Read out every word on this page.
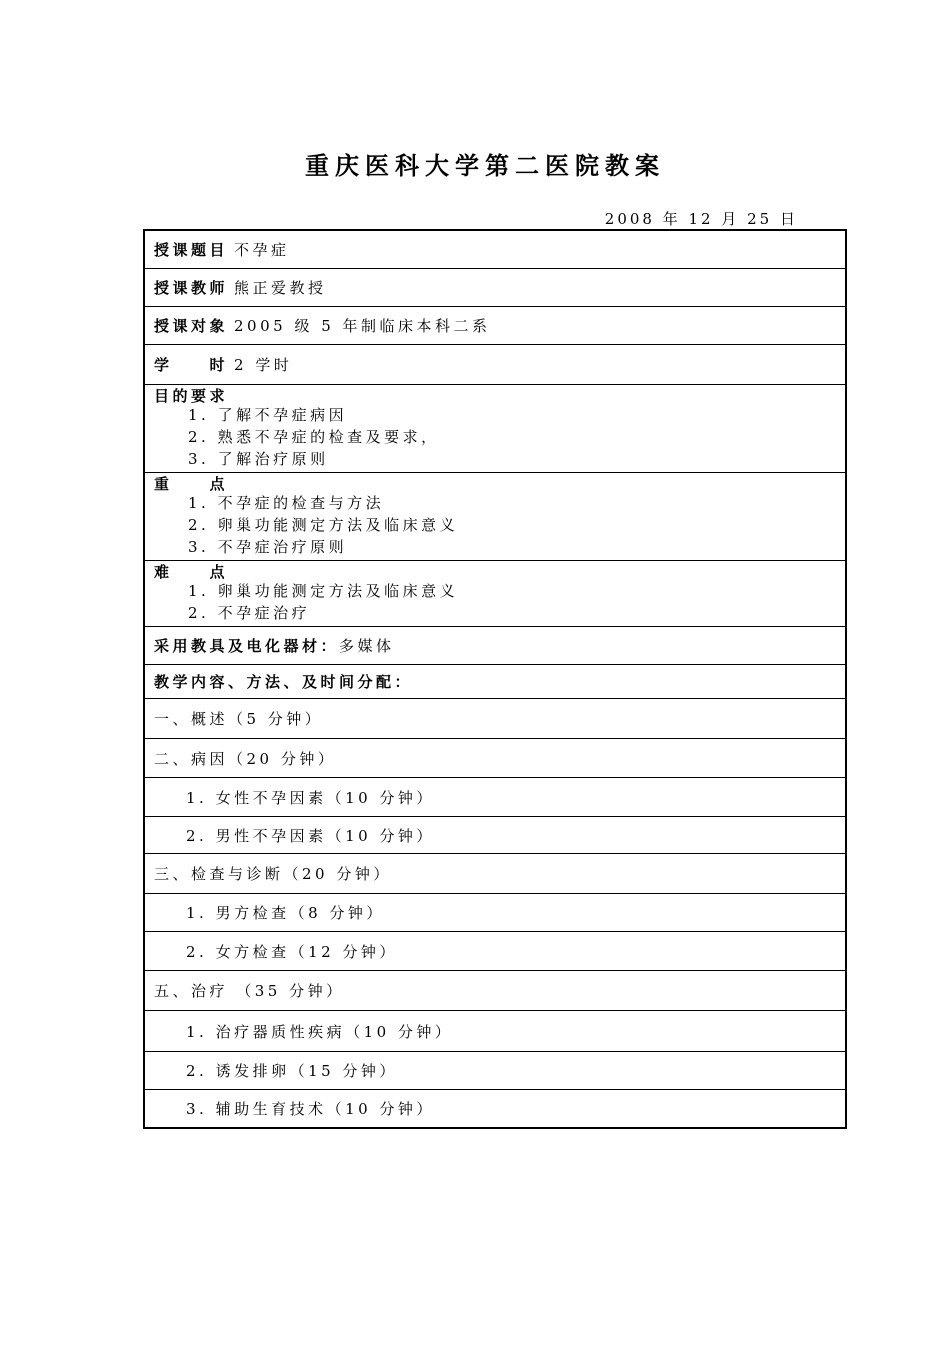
重庆医科大学第二医院教案
2008 年 12 月 25 日
授课题目 不孕症
授课教师 熊正爱教授
授课对象 2005 级 5 年制临床本科二系
学　　时 2 学时
目的要求
1. 了解不孕症病因
2. 熟悉不孕症的检查及要求，
3. 了解治疗原则
重　　点
1. 不孕症的检查与方法
2. 卵巢功能测定方法及临床意义
3. 不孕症治疗原则
难　　点
1. 卵巢功能测定方法及临床意义
2. 不孕症治疗
采用教具及电化器材： 多媒体
教学内容、方法、及时间分配：
一、概述（5 分钟）
二、病因（20 分钟）
1. 女性不孕因素（10 分钟）
2. 男性不孕因素（10 分钟）
三、检查与诊断（20 分钟）
1. 男方检查（8 分钟）
2. 女方检查（12 分钟）
五、治疗 （35 分钟）
1. 治疗器质性疾病（10 分钟）
2. 诱发排卵（15 分钟）
3. 辅助生育技术（10 分钟）
